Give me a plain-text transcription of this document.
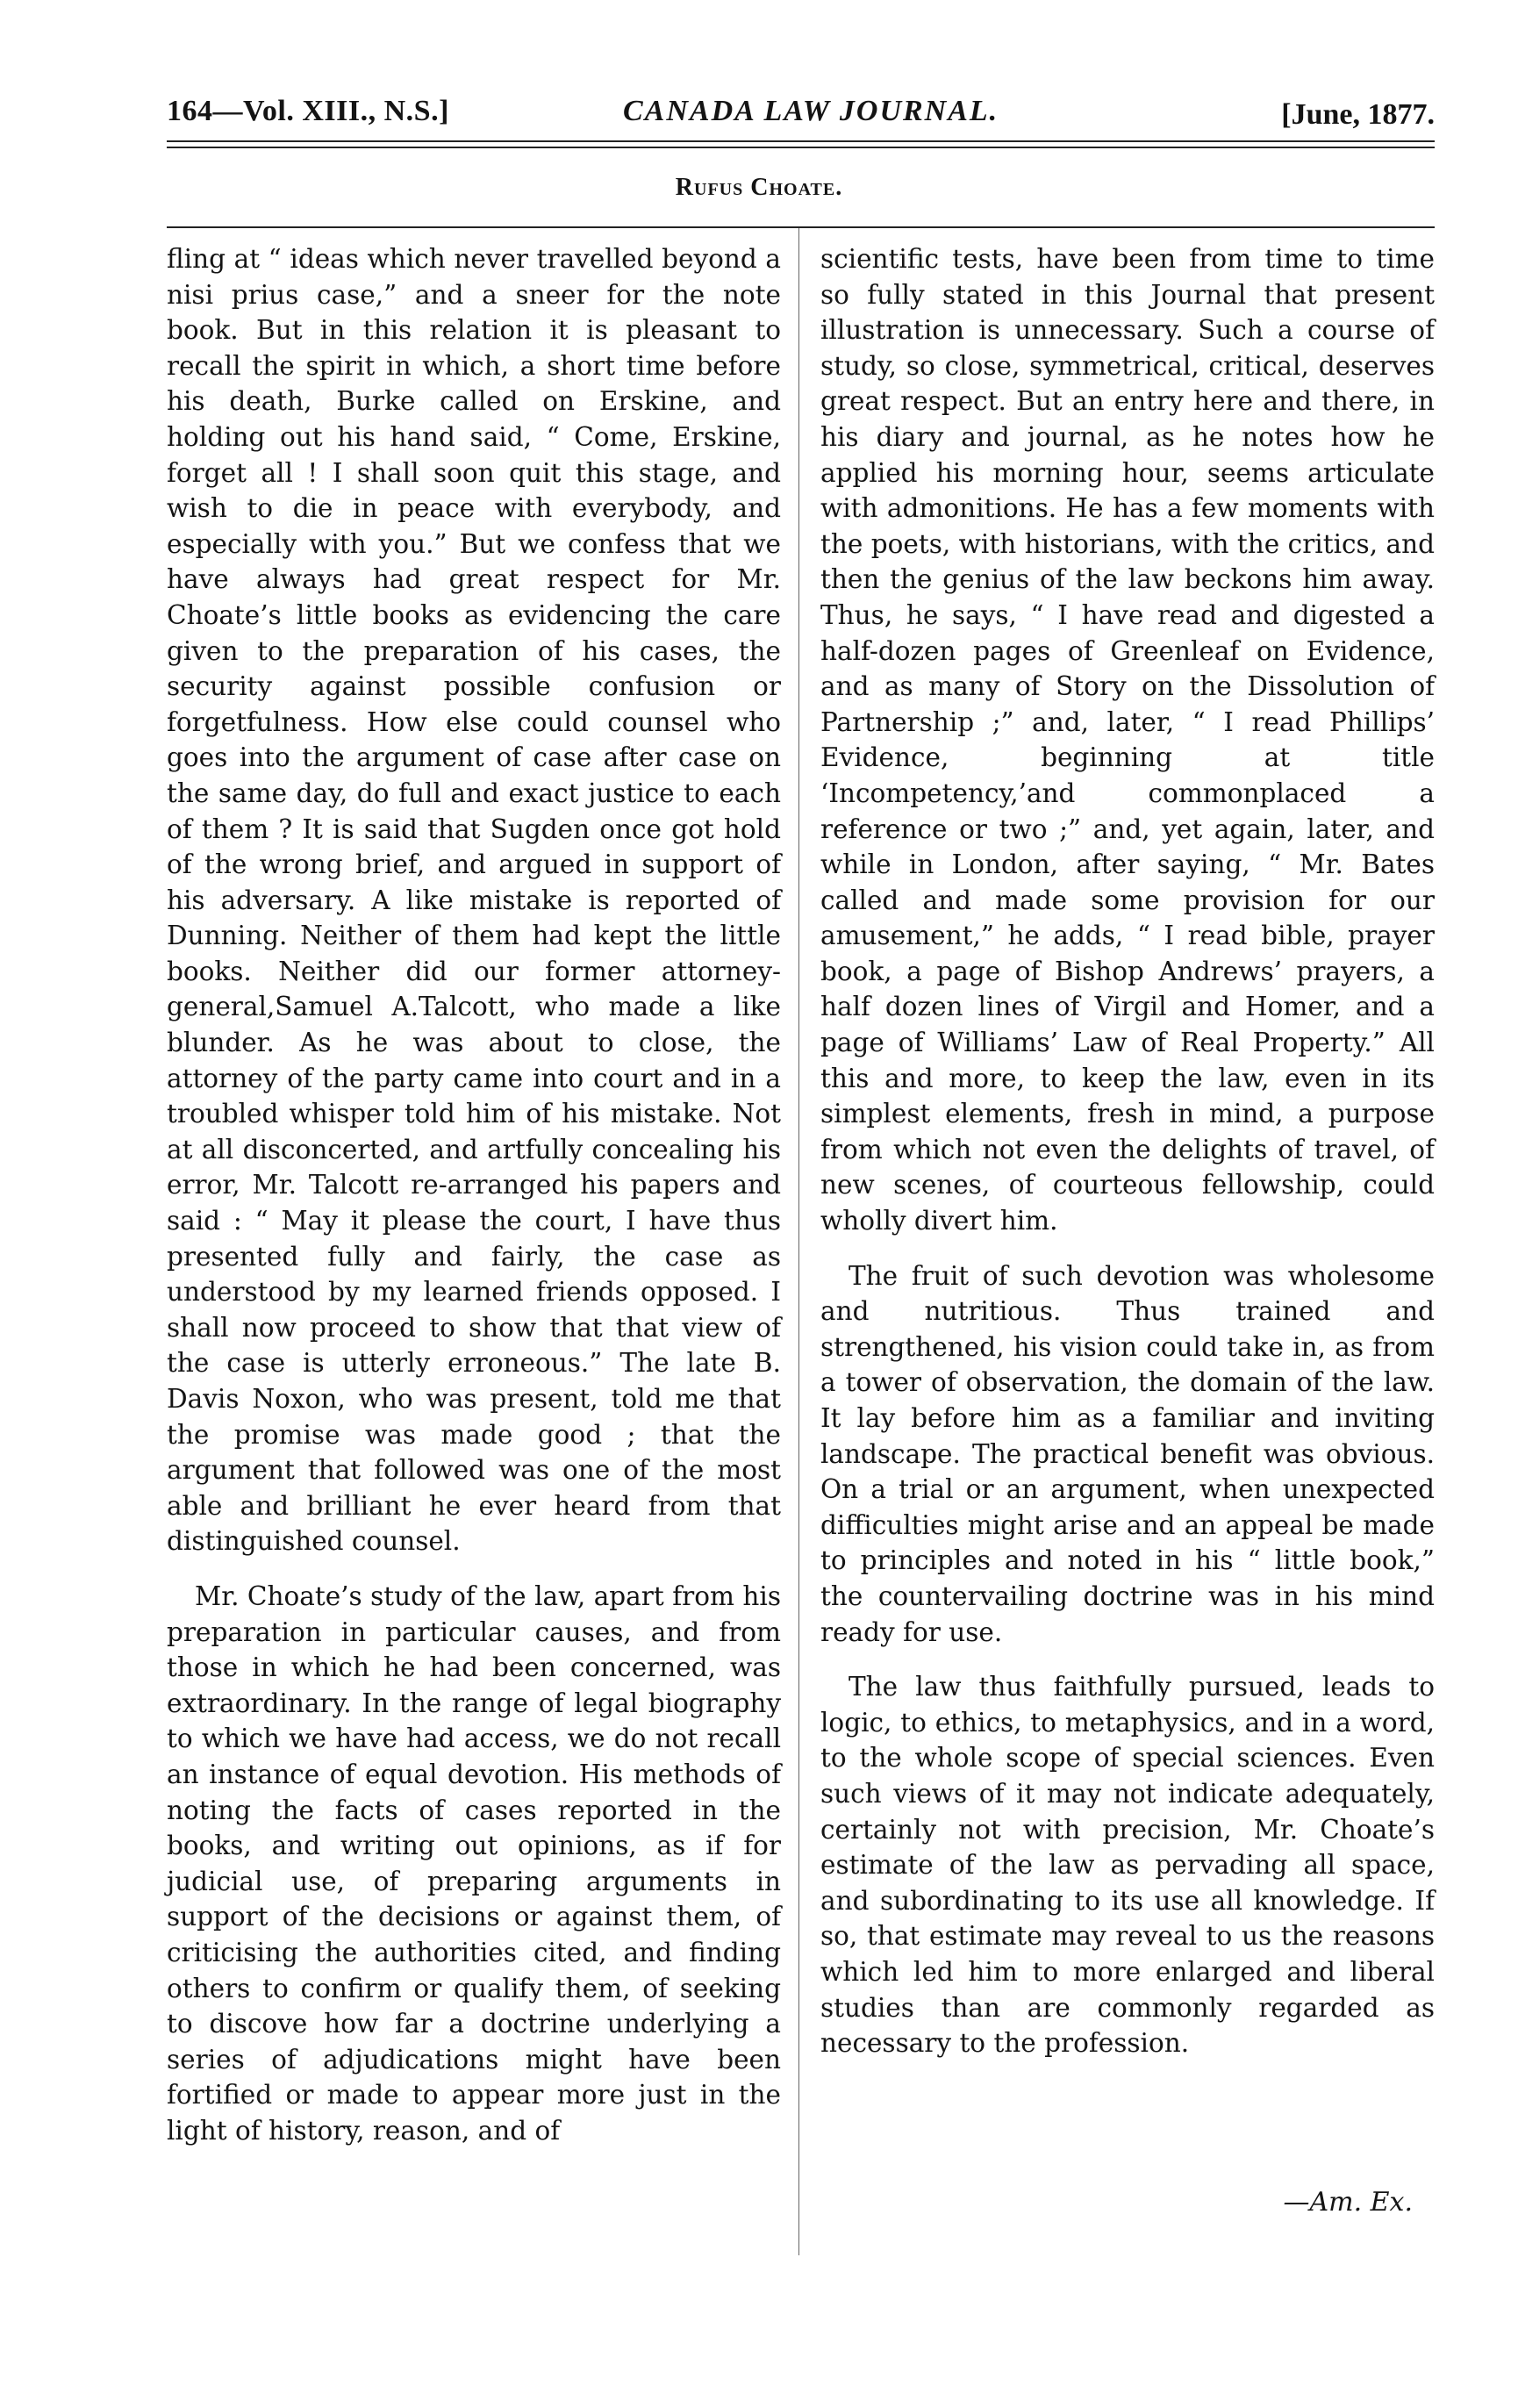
164—Vol. XIII., N.S.]	CANADA LAW JOURNAL.	[June, 1877.
Rufus Choate.

fling at “ ideas which never travelled beyond a nisi prius case,” and a sneer for the note book. But in this relation it is pleasant to recall the spirit in which, a short time before his death, Burke called on Erskine, and holding out his hand said, “ Come, Erskine, forget all ! I shall soon quit this stage, and wish to die in peace with everybody, and especially with you.” But we confess that we have always had great respect for Mr. Choate’s little books as evidencing the care given to the preparation of his cases, the security against possible confusion or forgetfulness. How else could counsel who goes into the argument of case after case on the same day, do full and exact justice to each of them ? It is said that Sugden once got hold of the wrong brief, and argued in support of his adversary. A like mistake is reported of Dunning. Neither of them had kept the little books. Neither did our former attorney-general,Samuel A.Talcott, who made a like blunder. As he was about to close, the attorney of the party came into court and in a troubled whisper told him of his mistake. Not at all disconcerted, and artfully concealing his error, Mr. Talcott re-arranged his papers and said : “ May it please the court, I have thus presented fully and fairly, the case as understood by my learned friends opposed. I shall now proceed to show that that view of the case is utterly erroneous.” The late B. Davis Noxon, who was present, told me that the promise was made good ; that the argument that followed was one of the most able and brilliant he ever heard from that distinguished counsel.

Mr. Choate’s study of the law, apart from his preparation in particular causes, and from those in which he had been concerned, was extraordinary. In the range of legal biography to which we have had access, we do not recall an instance of equal devotion. His methods of noting the facts of cases reported in the books, and writing out opinions, as if for judicial use, of preparing arguments in support of the decisions or against them, of criticising the authorities cited, and finding others to confirm or qualify them, of seeking to discove how far a doctrine underlying a series of adjudications might have been fortified or made to appear more just in the light of history, reason, and of

scientific tests, have been from time to time so fully stated in this Journal that present illustration is unnecessary. Such a course of study, so close, symmetrical, critical, deserves great respect. But an entry here and there, in his diary and journal, as he notes how he applied his morning hour, seems articulate with admonitions. He has a few moments with the poets, with historians, with the critics, and then the genius of the law beckons him away. Thus, he says, “ I have read and digested a half-dozen pages of Greenleaf on Evidence, and as many of Story on the Dissolution of Partnership ;” and, later, “ I read Phillips’ Evidence, beginning at title ‘Incompetency,’and commonplaced a reference or two ;” and, yet again, later, and while in London, after saying, “ Mr. Bates called and made some provision for our amusement,” he adds, “ I read bible, prayer book, a page of Bishop Andrews’ prayers, a half dozen lines of Virgil and Homer, and a page of Williams’ Law of Real Property.” All this and more, to keep the law, even in its simplest elements, fresh in mind, a purpose from which not even the delights of travel, of new scenes, of courteous fellowship, could wholly divert him.

The fruit of such devotion was wholesome and nutritious. Thus trained and strengthened, his vision could take in, as from a tower of observation, the domain of the law. It lay before him as a familiar and inviting landscape. The practical benefit was obvious. On a trial or an argument, when unexpected difficulties might arise and an appeal be made to principles and noted in his “ little book,” the countervailing doctrine was in his mind ready for use.

The law thus faithfully pursued, leads to logic, to ethics, to metaphysics, and in a word, to the whole scope of special sciences. Even such views of it may not indicate adequately, certainly not with precision, Mr. Choate’s estimate of the law as pervading all space, and subordinating to its use all knowledge. If so, that estimate may reveal to us the reasons which led him to more enlarged and liberal studies than are commonly regarded as necessary to the profession.

—Am. Ex.
